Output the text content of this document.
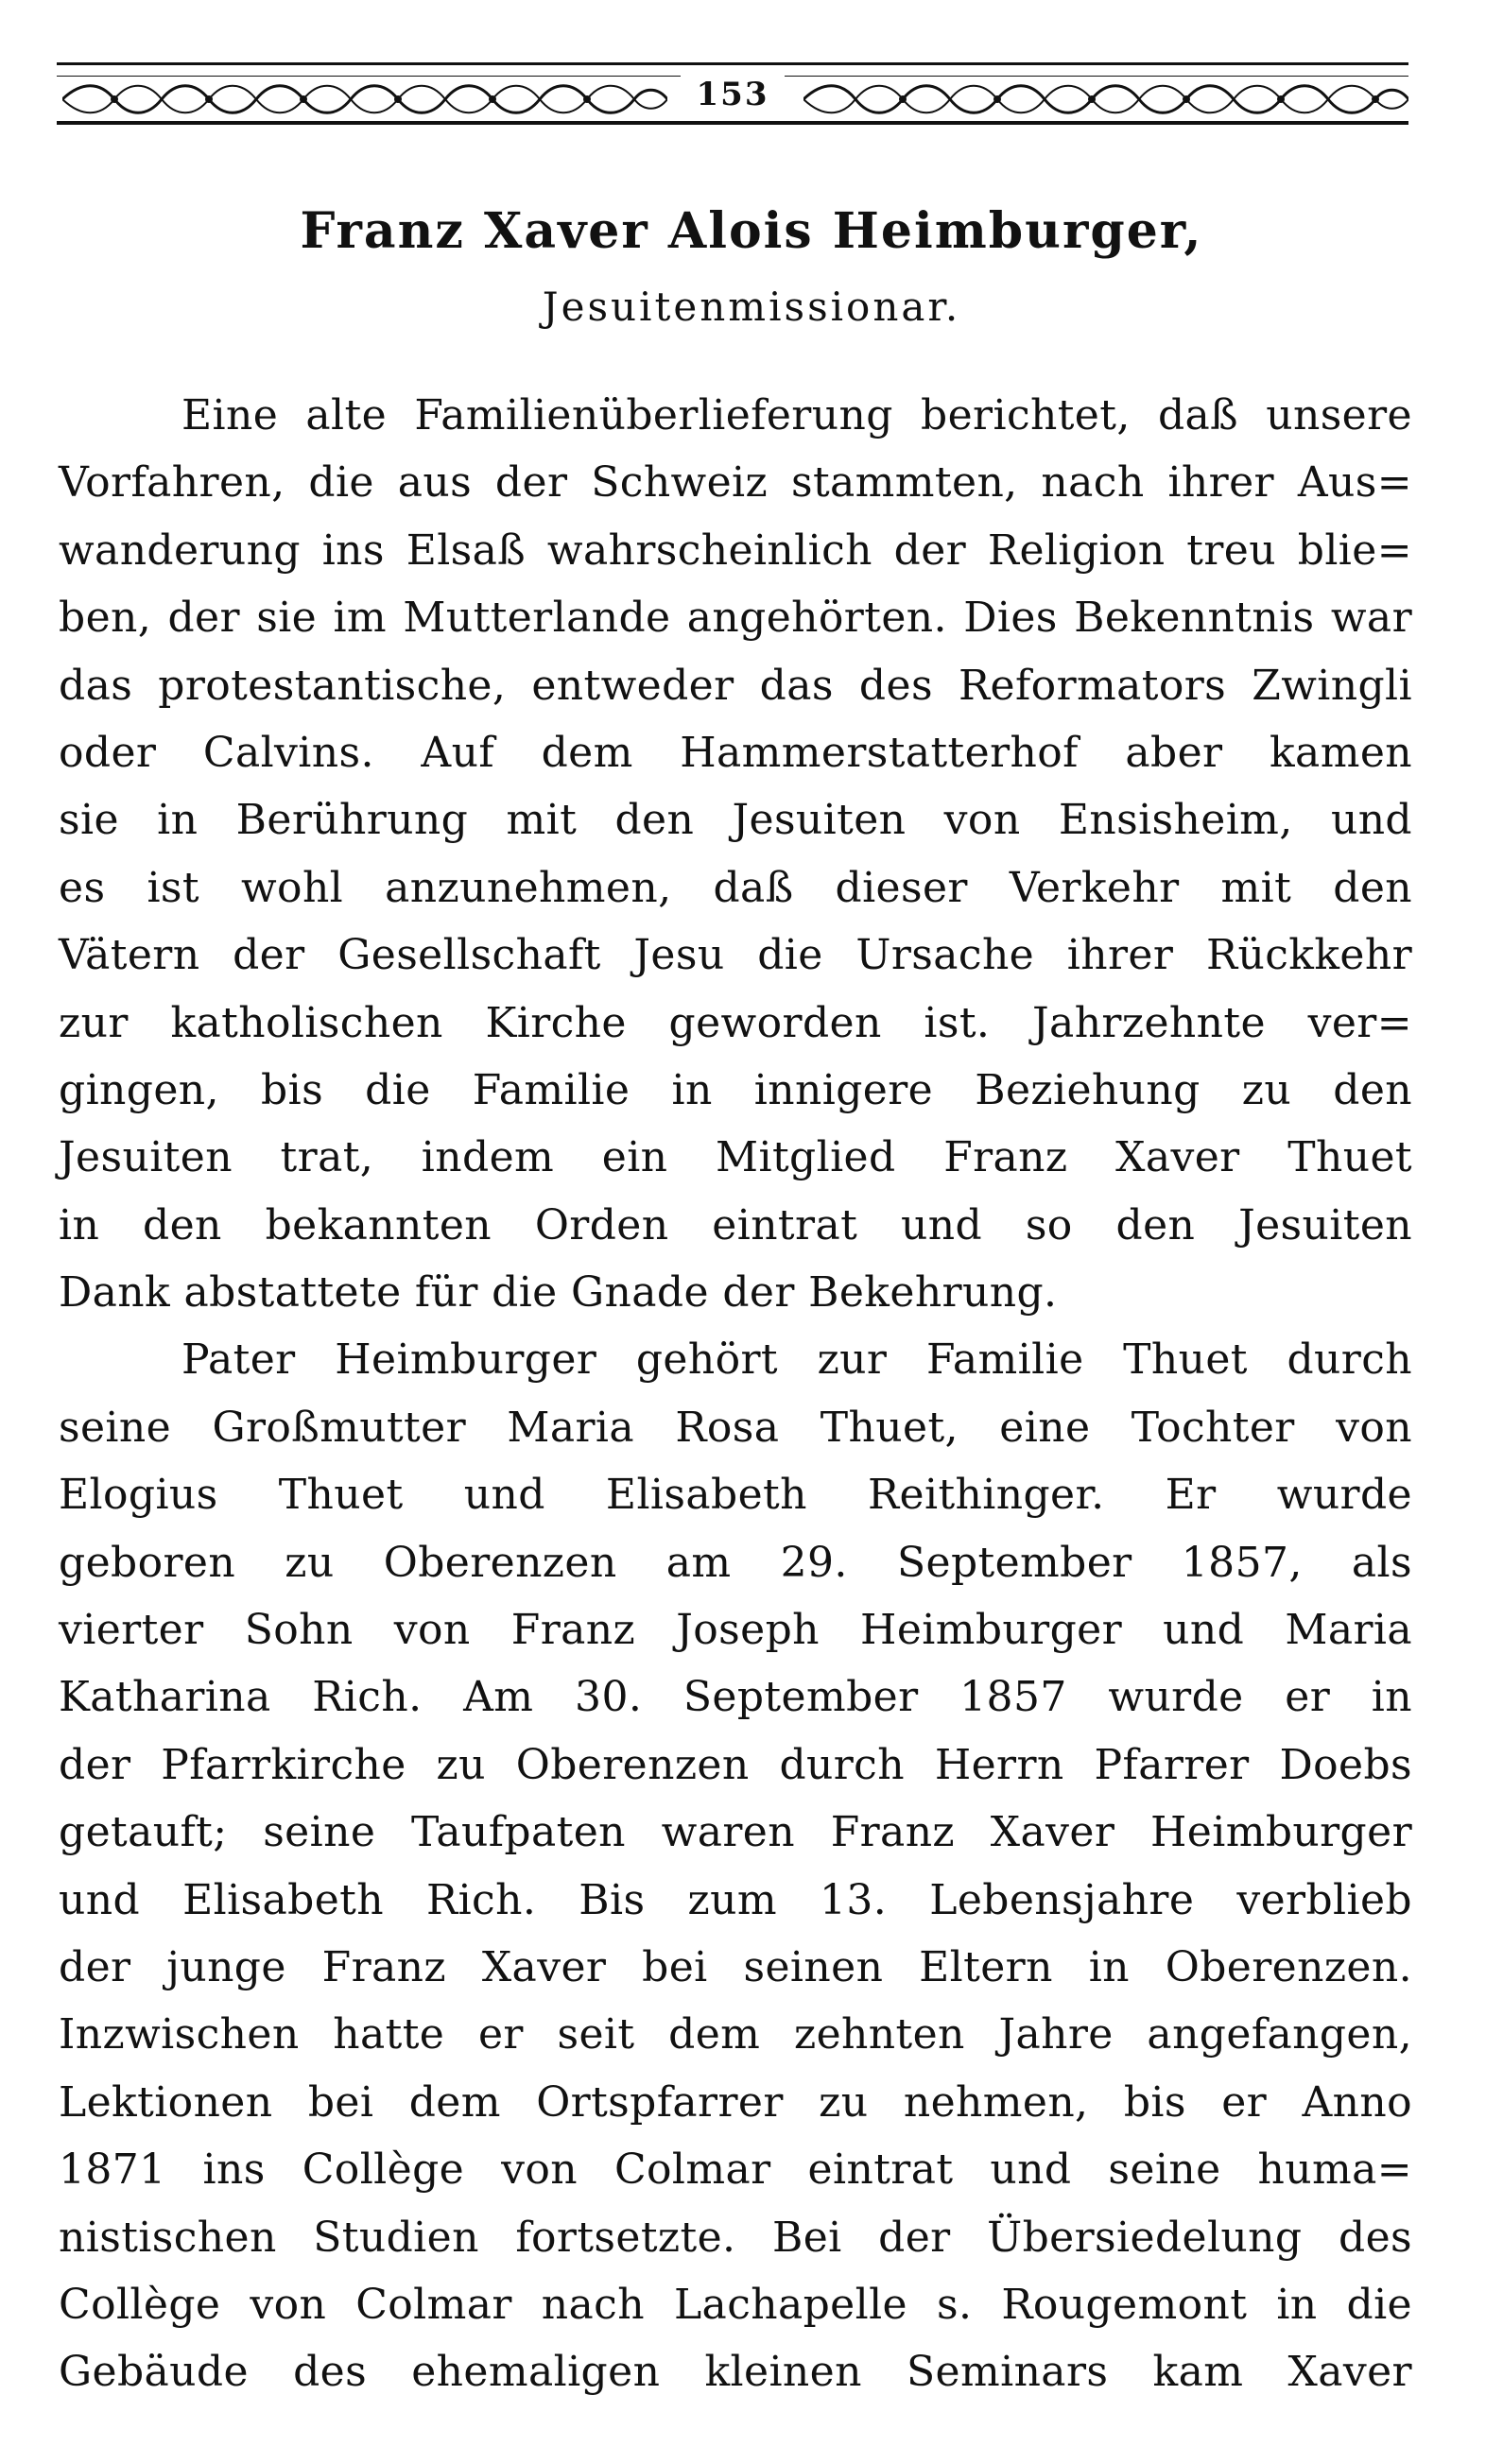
153
Franz Xaver Alois Heimburger,
Jesuitenmissionar.
Eine alte Familienüberlieferung berichtet, daß unsere
Vorfahren, die aus der Schweiz stammten, nach ihrer Aus=
wanderung ins Elsaß wahrscheinlich der Religion treu blie=
ben, der sie im Mutterlande angehörten. Dies Bekenntnis war
das protestantische, entweder das des Reformators Zwingli
oder Calvins. Auf dem Hammerstatterhof aber kamen
sie in Berührung mit den Jesuiten von Ensisheim, und
es ist wohl anzunehmen, daß dieser Verkehr mit den
Vätern der Gesellschaft Jesu die Ursache ihrer Rückkehr
zur katholischen Kirche geworden ist. Jahrzehnte ver=
gingen, bis die Familie in innigere Beziehung zu den
Jesuiten trat, indem ein Mitglied Franz Xaver Thuet
in den bekannten Orden eintrat und so den Jesuiten
Dank abstattete für die Gnade der Bekehrung.
Pater Heimburger gehört zur Familie Thuet durch
seine Großmutter Maria Rosa Thuet, eine Tochter von
Elogius Thuet und Elisabeth Reithinger. Er wurde
geboren zu Oberenzen am 29. September 1857, als
vierter Sohn von Franz Joseph Heimburger und Maria
Katharina Rich. Am 30. September 1857 wurde er in
der Pfarrkirche zu Oberenzen durch Herrn Pfarrer Doebs
getauft; seine Taufpaten waren Franz Xaver Heimburger
und Elisabeth Rich. Bis zum 13. Lebensjahre verblieb
der junge Franz Xaver bei seinen Eltern in Oberenzen.
Inzwischen hatte er seit dem zehnten Jahre angefangen,
Lektionen bei dem Ortspfarrer zu nehmen, bis er Anno
1871 ins Collège von Colmar eintrat und seine huma=
nistischen Studien fortsetzte. Bei der Übersiedelung des
Collège von Colmar nach Lachapelle s. Rougemont in die
Gebäude des ehemaligen kleinen Seminars kam Xaver
